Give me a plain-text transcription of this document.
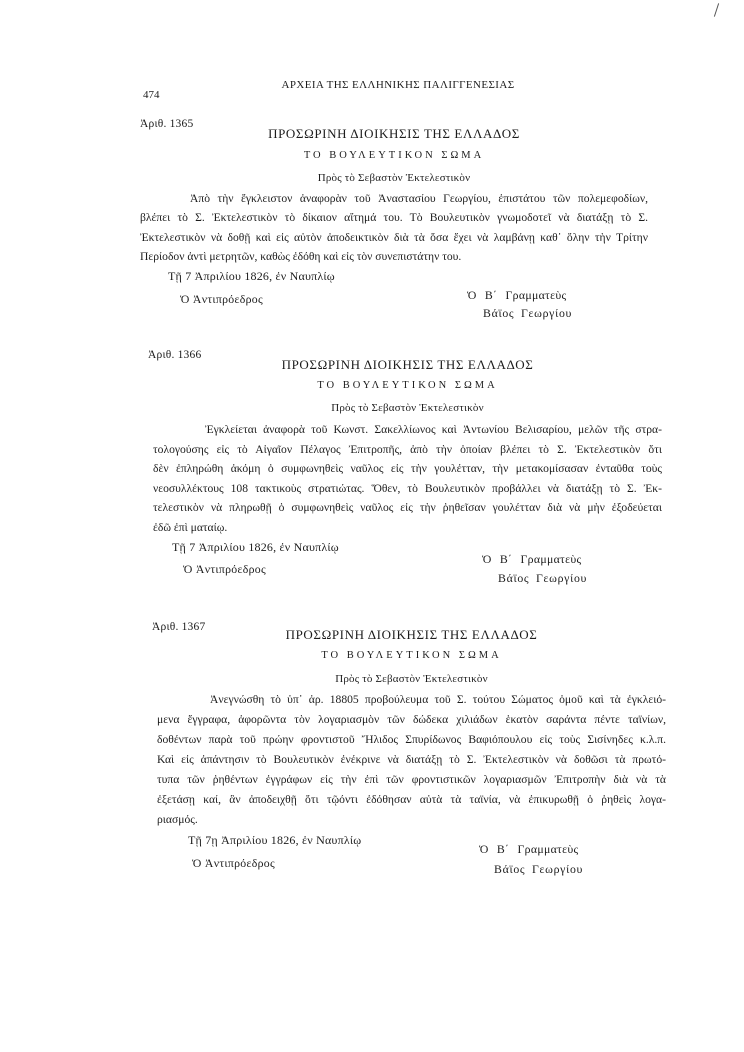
474
ΑΡΧΕΙΑ ΤΗΣ ΕΛΛΗΝΙΚΗΣ ΠΑΛΙΓΓΕΝΕΣΙΑΣ
Ἀριθ. 1365
ΠΡΟΣΩΡΙΝΗ ΔΙΟΙΚΗΣΙΣ ΤΗΣ ΕΛΛΑΔΟΣ
ΤΟ ΒΟΥΛΕΥΤΙΚΟΝ ΣΩΜΑ
Πρὸς τὸ Σεβαστὸν Ἐκτελεστικὸν
Ἀπὸ τὴν ἔγκλειστον ἀναφορὰν τοῦ Ἀναστασίου Γεωργίου, ἐπιστάτου τῶν πολεμεφοδίων,
βλέπει τὸ Σ. Ἐκτελεστικὸν τὸ δίκαιον αἴτημά του. Τὸ Βουλευτικὸν γνωμοδοτεῖ νὰ διατάξῃ τὸ Σ.
Ἐκτελεστικὸν νὰ δοθῇ καὶ εἰς αὐτὸν ἀποδεικτικὸν διὰ τὰ ὅσα ἔχει νὰ λαμβάνῃ καθ᾿ ὅλην τὴν Τρίτην
Περίοδον ἀντὶ μετρητῶν, καθὼς ἐδόθη καὶ εἰς τὸν συνεπιστάτην του.
Τῇ 7 Ἀπριλίου 1826, ἐν Ναυπλίῳ
Ὁ Ἀντιπρόεδρος	Ὁ Β΄ Γραμματεὺς
Βάϊος Γεωργίου
Ἀριθ. 1366
ΠΡΟΣΩΡΙΝΗ ΔΙΟΙΚΗΣΙΣ ΤΗΣ ΕΛΛΑΔΟΣ
ΤΟ ΒΟΥΛΕΥΤΙΚΟΝ ΣΩΜΑ
Πρὸς τὸ Σεβαστὸν Ἐκτελεστικὸν
Ἐγκλείεται ἀναφορὰ τοῦ Κωνστ. Σακελλίωνος καὶ Ἀντωνίου Βελισαρίου, μελῶν τῆς στρα-
τολογούσης εἰς τὸ Αἰγαῖον Πέλαγος Ἐπιτροπῆς, ἀπὸ τὴν ὁποίαν βλέπει τὸ Σ. Ἐκτελεστικὸν ὅτι
δὲν ἐπληρώθη ἀκόμη ὁ συμφωνηθεὶς ναῦλος εἰς τὴν γουλέτταν, τὴν μετακομίσασαν ἐνταῦθα τοὺς
νεοσυλλέκτους 108 τακτικοὺς στρατιώτας. Ὅθεν, τὸ Βουλευτικὸν προβάλλει νὰ διατάξῃ τὸ Σ. Ἐκ-
τελεστικὸν νὰ πληρωθῇ ὁ συμφωνηθεὶς ναῦλος εἰς τὴν ῥηθεῖσαν γουλέτταν διὰ νὰ μὴν ἐξοδεύεται
ἐδῶ ἐπὶ ματαίῳ.
Τῇ 7 Ἀπριλίου 1826, ἐν Ναυπλίῳ
Ὁ Ἀντιπρόεδρος
Ὁ Β΄ Γραμματεὺς
Βάϊος Γεωργίου
Ἀριθ. 1367	ΠΡΟΣΩΡΙΝΗ ΔΙΟΙΚΗΣΙΣ ΤΗΣ ΕΛΛΑΔΟΣ
ΤΟ ΒΟΥΛΕΥΤΙΚΟΝ ΣΩΜΑ
Πρὸς τὸ Σεβαστὸν Ἐκτελεστικὸν
Ἀνεγνώσθη τὸ ὑπ᾿ ἀρ. 18805 προβούλευμα τοῦ Σ. τούτου Σώματος ὁμοῦ καὶ τὰ ἐγκλειό-
μενα ἔγγραφα, ἀφορῶντα τὸν λογαριασμὸν τῶν δώδεκα χιλιάδων ἑκατὸν σαράντα πέντε ταϊνίων,
δοθέντων παρὰ τοῦ πρώην φροντιστοῦ Ἤλιδος Σπυρίδωνος Βαφιόπουλου εἰς τοὺς Σισίνηδες κ.λ.π.
Καὶ εἰς ἀπάντησιν τὸ Βουλευτικὸν ἐνέκρινε νὰ διατάξῃ τὸ Σ. Ἐκτελεστικὸν νὰ δοθῶσι τὰ πρωτό-
τυπα τῶν ῥηθέντων ἐγγράφων εἰς τὴν ἐπὶ τῶν φροντιστικῶν λογαριασμῶν Ἐπιτροπὴν διὰ νὰ τὰ
ἐξετάσῃ καί, ἂν ἀποδειχθῇ ὅτι τῷόντι ἐδόθησαν αὐτὰ τὰ ταϊνία, νὰ ἐπικυρωθῇ ὁ ῥηθεὶς λογα-
ριασμός.
Τῇ 7ῃ Ἀπριλίου 1826, ἐν Ναυπλίῳ
Ὁ Ἀντιπρόεδρος
Ὁ Β΄ Γραμματεὺς
Βάϊος Γεωργίου
